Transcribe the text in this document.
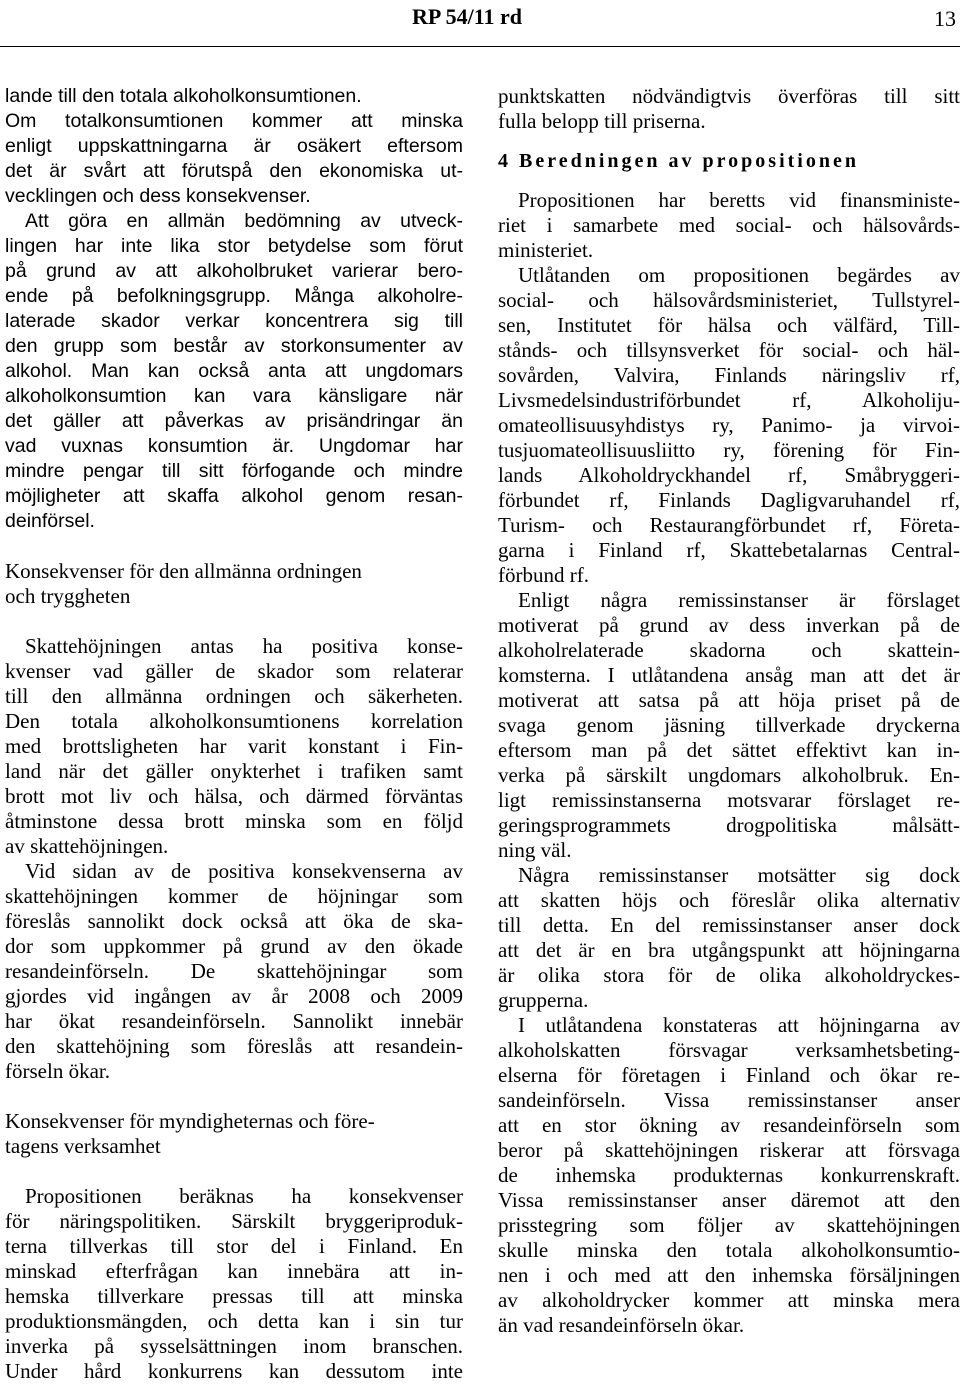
RP 54/11 rd	13
lande till den totala alkoholkonsumtionen.
Om totalkonsumtionen kommer att minska
enligt uppskattningarna är osäkert eftersom
det är svårt att förutspå den ekonomiska ut-
vecklingen och dess konsekvenser.
Att göra en allmän bedömning av utveck-
lingen har inte lika stor betydelse som förut
på grund av att alkoholbruket varierar bero-
ende på befolkningsgrupp. Många alkoholre-
laterade skador verkar koncentrera sig till
den grupp som består av storkonsumenter av
alkohol. Man kan också anta att ungdomars
alkoholkonsumtion kan vara känsligare när
det gäller att påverkas av prisändringar än
vad vuxnas konsumtion är. Ungdomar har
mindre pengar till sitt förfogande och mindre
möjligheter att skaffa alkohol genom resan-
deinförsel.
Konsekvenser för den allmänna ordningen
och tryggheten
Skattehöjningen antas ha positiva konse-
kvenser vad gäller de skador som relaterar
till den allmänna ordningen och säkerheten.
Den totala alkoholkonsumtionens korrelation
med brottsligheten har varit konstant i Fin-
land när det gäller onykterhet i trafiken samt
brott mot liv och hälsa, och därmed förväntas
åtminstone dessa brott minska som en följd
av skattehöjningen.
Vid sidan av de positiva konsekvenserna av
skattehöjningen kommer de höjningar som
föreslås sannolikt dock också att öka de ska-
dor som uppkommer på grund av den ökade
resandeinförseln. De skattehöjningar som
gjordes vid ingången av år 2008 och 2009
har ökat resandeinförseln. Sannolikt innebär
den skattehöjning som föreslås att resandein-
förseln ökar.
Konsekvenser för myndigheternas och före-
tagens verksamhet
Propositionen beräknas ha konsekvenser
för näringspolitiken. Särskilt bryggeriproduk-
terna tillverkas till stor del i Finland. En
minskad efterfrågan kan innebära att in-
hemska tillverkare pressas till att minska
produktionsmängden, och detta kan i sin tur
inverka på sysselsättningen inom branschen.
Under hård konkurrens kan dessutom inte
punktskatten nödvändigtvis överföras till sitt
fulla belopp till priserna.
4 Beredningen av propositionen
Propositionen har beretts vid finansministe-
riet i samarbete med social- och hälsovårds-
ministeriet.
Utlåtanden om propositionen begärdes av
social- och hälsovårdsministeriet, Tullstyrel-
sen, Institutet för hälsa och välfärd, Till-
stånds- och tillsynsverket för social- och häl-
sovården, Valvira, Finlands näringsliv rf,
Livsmedelsindustriförbundet rf, Alkoholiju-
omateollisuusyhdistys ry, Panimo- ja virvoi-
tusjuomateollisuusliitto ry, förening för Fin-
lands Alkoholdryckhandel rf, Småbryggeri-
förbundet rf, Finlands Dagligvaruhandel rf,
Turism- och Restaurangförbundet rf, Företa-
garna i Finland rf, Skattebetalarnas Central-
förbund rf.
Enligt några remissinstanser är förslaget
motiverat på grund av dess inverkan på de
alkoholrelaterade skadorna och skattein-
komsterna. I utlåtandena ansåg man att det är
motiverat att satsa på att höja priset på de
svaga genom jäsning tillverkade dryckerna
eftersom man på det sättet effektivt kan in-
verka på särskilt ungdomars alkoholbruk. En-
ligt remissinstanserna motsvarar förslaget re-
geringsprogrammets drogpolitiska målsätt-
ning väl.
Några remissinstanser motsätter sig dock
att skatten höjs och föreslår olika alternativ
till detta. En del remissinstanser anser dock
att det är en bra utgångspunkt att höjningarna
är olika stora för de olika alkoholdryckes-
grupperna.
I utlåtandena konstateras att höjningarna av
alkoholskatten försvagar verksamhetsbeting-
elserna för företagen i Finland och ökar re-
sandeinförseln. Vissa remissinstanser anser
att en stor ökning av resandeinförseln som
beror på skattehöjningen riskerar att försvaga
de inhemska produkternas konkurrenskraft.
Vissa remissinstanser anser däremot att den
prisstegring som följer av skattehöjningen
skulle minska den totala alkoholkonsumtio-
nen i och med att den inhemska försäljningen
av alkoholdrycker kommer att minska mera
än vad resandeinförseln ökar.
